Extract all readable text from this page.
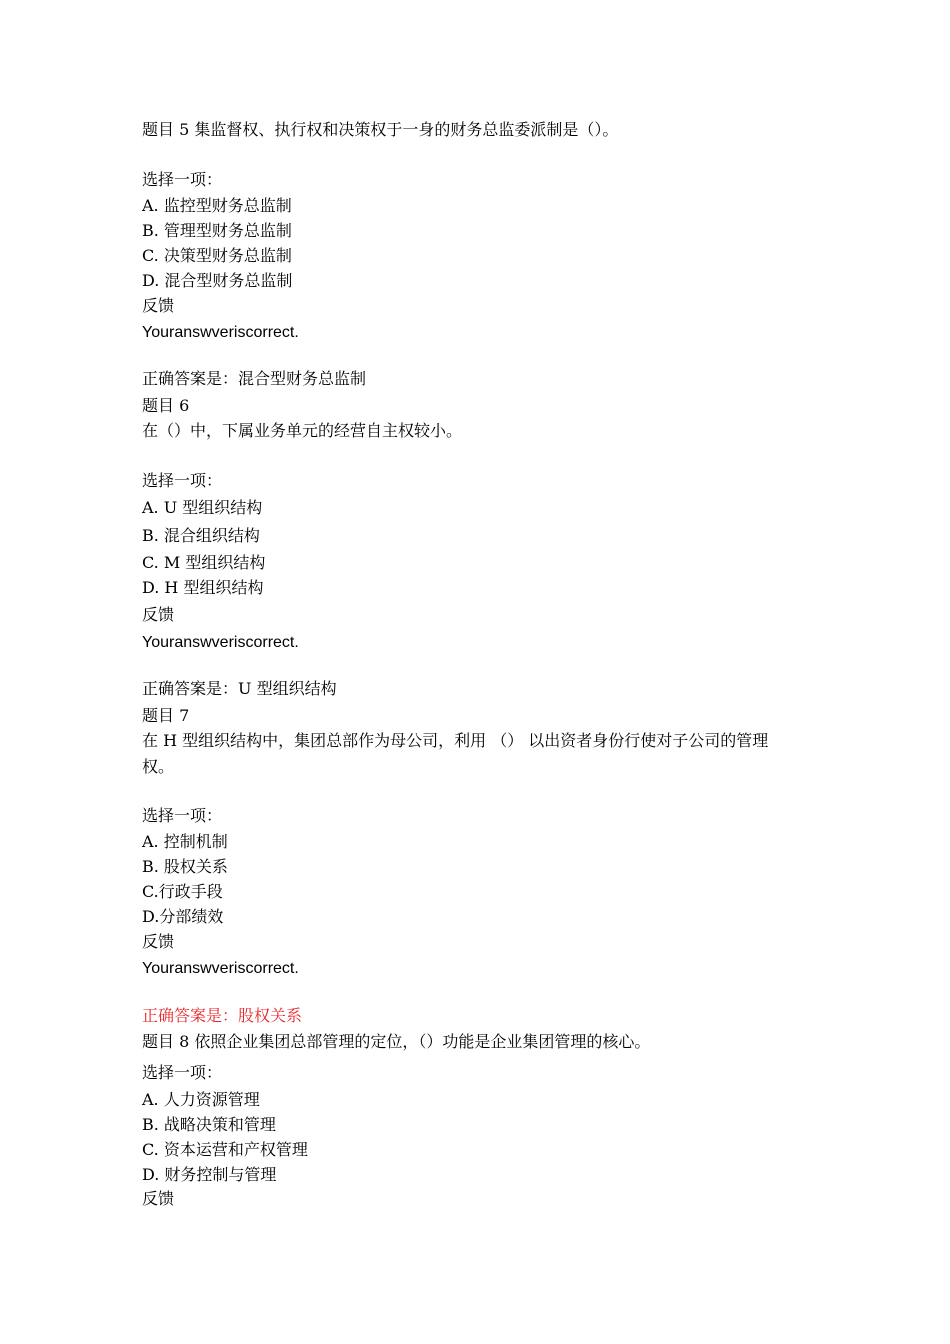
题目 5 集监督权、执行权和决策权于一身的财务总监委派制是（）。

选择一项：

A. 监控型财务总监制

B. 管理型财务总监制

C. 决策型财务总监制

D. 混合型财务总监制

反馈

Youranswveriscorrect.

正确答案是：混合型财务总监制

题目 6

在（）中，下属业务单元的经营自主权较小。

选择一项：

A. U 型组织结构

B. 混合组织结构

C. M 型组织结构

D. H 型组织结构

反馈

Youranswveriscorrect.

正确答案是：U 型组织结构

题目 7

在 H 型组织结构中，集团总部作为母公司，利用 （） 以出资者身份行使对子公司的管理

权。

选择一项：

A. 控制机制

B. 股权关系

C.行政手段

D.分部绩效

反馈

Youranswveriscorrect.

正确答案是：股权关系

题目 8 依照企业集团总部管理的定位，（）功能是企业集团管理的核心。

选择一项：

A. 人力资源管理

B. 战略决策和管理

C. 资本运营和产权管理

D. 财务控制与管理

反馈
